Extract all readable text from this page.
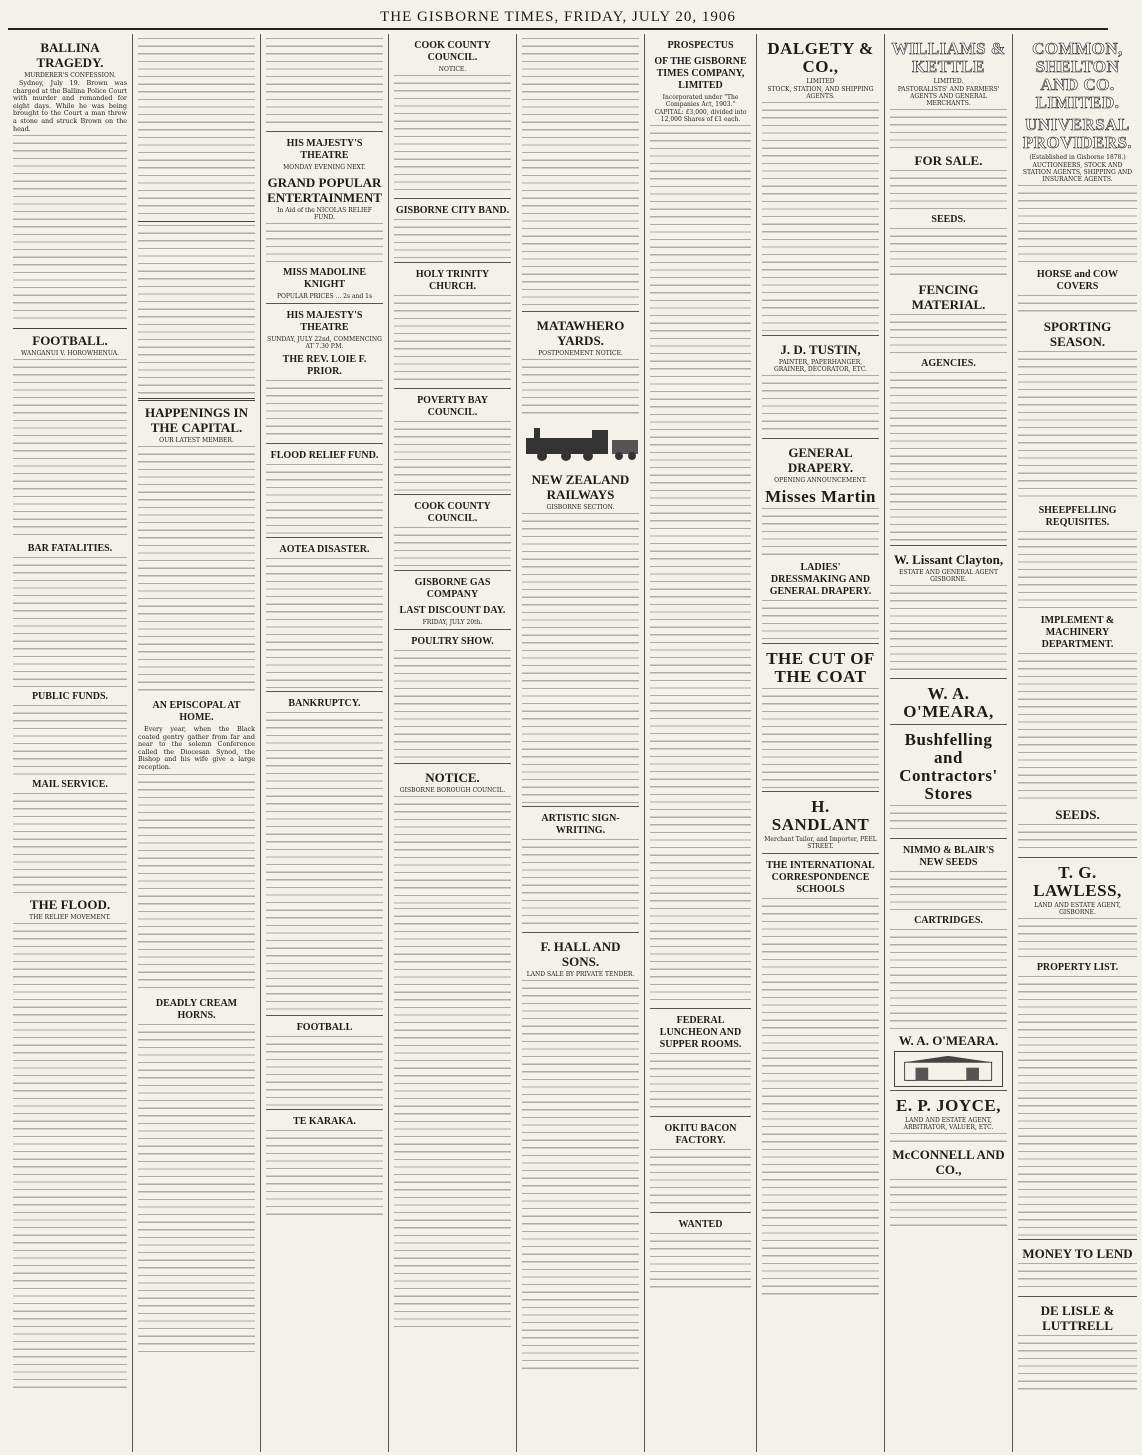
THE GISBORNE TIMES, FRIDAY, JULY 20, 1906
BALLINA TRAGEDY.
MURDERER'S CONFESSION.

Sydney, July 19. Brown was charged at the Ballina Police Court with murder and remanded for eight days. While he was being brought to the Court a man threw a stone and struck Brown on the head.

FOOTBALL.
WANGANUI V. HOROWHENUA.
BAR FATALITIES.
PUBLIC FUNDS.
MAIL SERVICE.
THE FLOOD.
THE RELIEF MOVEMENT.
HAPPENINGS IN THE CAPITAL.
OUR LATEST MEMBER.
AN EPISCOPAL AT HOME.

Every year, when the Black coated gentry gather from far and near to the solemn Conference called the Diocesan Synod, the Bishop and his wife give a large reception.

DEADLY CREAM HORNS.
HIS MAJESTY'S THEATRE
MONDAY EVENING NEXT.
GRAND POPULAR ENTERTAINMENT
In Aid of the NICOLAS RELIEF FUND.
MISS MADOLINE KNIGHT
POPULAR PRICES ... 2s and 1s
HIS MAJESTY'S THEATRE
SUNDAY, JULY 22nd, COMMENCING AT 7.30 P.M.
THE REV. LOIE F. PRIOR.
FLOOD RELIEF FUND.
AOTEA DISASTER.
BANKRUPTCY.
FOOTBALL
TE KARAKA.
COOK COUNTY COUNCIL.
NOTICE.
GISBORNE CITY BAND.
HOLY TRINITY CHURCH.
POVERTY BAY COUNCIL.
COOK COUNTY COUNCIL.
GISBORNE GAS COMPANY
LAST DISCOUNT DAY.
FRIDAY, JULY 20th.
POULTRY SHOW.
NOTICE.
GISBORNE BOROUGH COUNCIL.
MATAWHERO YARDS.
POSTPONEMENT NOTICE.
NEW ZEALAND RAILWAYS
GISBORNE SECTION.
ARTISTIC SIGN-WRITING.
F. HALL AND SONS.
LAND SALE BY PRIVATE TENDER.
PROSPECTUS
OF THE GISBORNE TIMES COMPANY, LIMITED
Incorporated under "The Companies Act, 1903."
CAPITAL: £3,000, divided into 12,000 Shares of £1 each.
FEDERAL LUNCHEON AND SUPPER ROOMS.
OKITU BACON FACTORY.
WANTED
DALGETY & CO.,
LIMITED
STOCK, STATION, AND SHIPPING AGENTS.
J. D. TUSTIN,
PAINTER, PAPERHANGER, GRAINER, DECORATOR, ETC.
GENERAL DRAPERY.
OPENING ANNOUNCEMENT.
Misses Martin
LADIES' DRESSMAKING AND GENERAL DRAPERY.
THE CUT OF THE COAT
H. SANDLANT
Merchant Tailor, and Importer, PEEL STREET.
THE INTERNATIONAL CORRESPONDENCE SCHOOLS
WILLIAMS & KETTLE
LIMITED.
PASTORALISTS' AND FARMERS' AGENTS AND GENERAL MERCHANTS.
FOR SALE.
SEEDS.
FENCING MATERIAL.
AGENCIES.
W. Lissant Clayton,
ESTATE AND GENERAL AGENT GISBORNE.
W. A. O'MEARA,
Bushfelling and Contractors' Stores
NIMMO & BLAIR'S NEW SEEDS
CARTRIDGES.
W. A. O'MEARA.
E. P. JOYCE,
LAND AND ESTATE AGENT, ARBITRATOR, VALUER, ETC.
McCONNELL AND CO.,
COMMON, SHELTON AND CO. LIMITED.
UNIVERSAL PROVIDERS.
(Established in Gisborne 1878.)
AUCTIONEERS, STOCK AND STATION AGENTS, SHIPPING AND INSURANCE AGENTS.
HORSE and COW COVERS
SPORTING SEASON.
SHEEPFELLING REQUISITES.
IMPLEMENT & MACHINERY DEPARTMENT.
SEEDS.
T. G. LAWLESS,
LAND AND ESTATE AGENT, GISBORNE.
PROPERTY LIST.
MONEY TO LEND
DE LISLE & LUTTRELL
